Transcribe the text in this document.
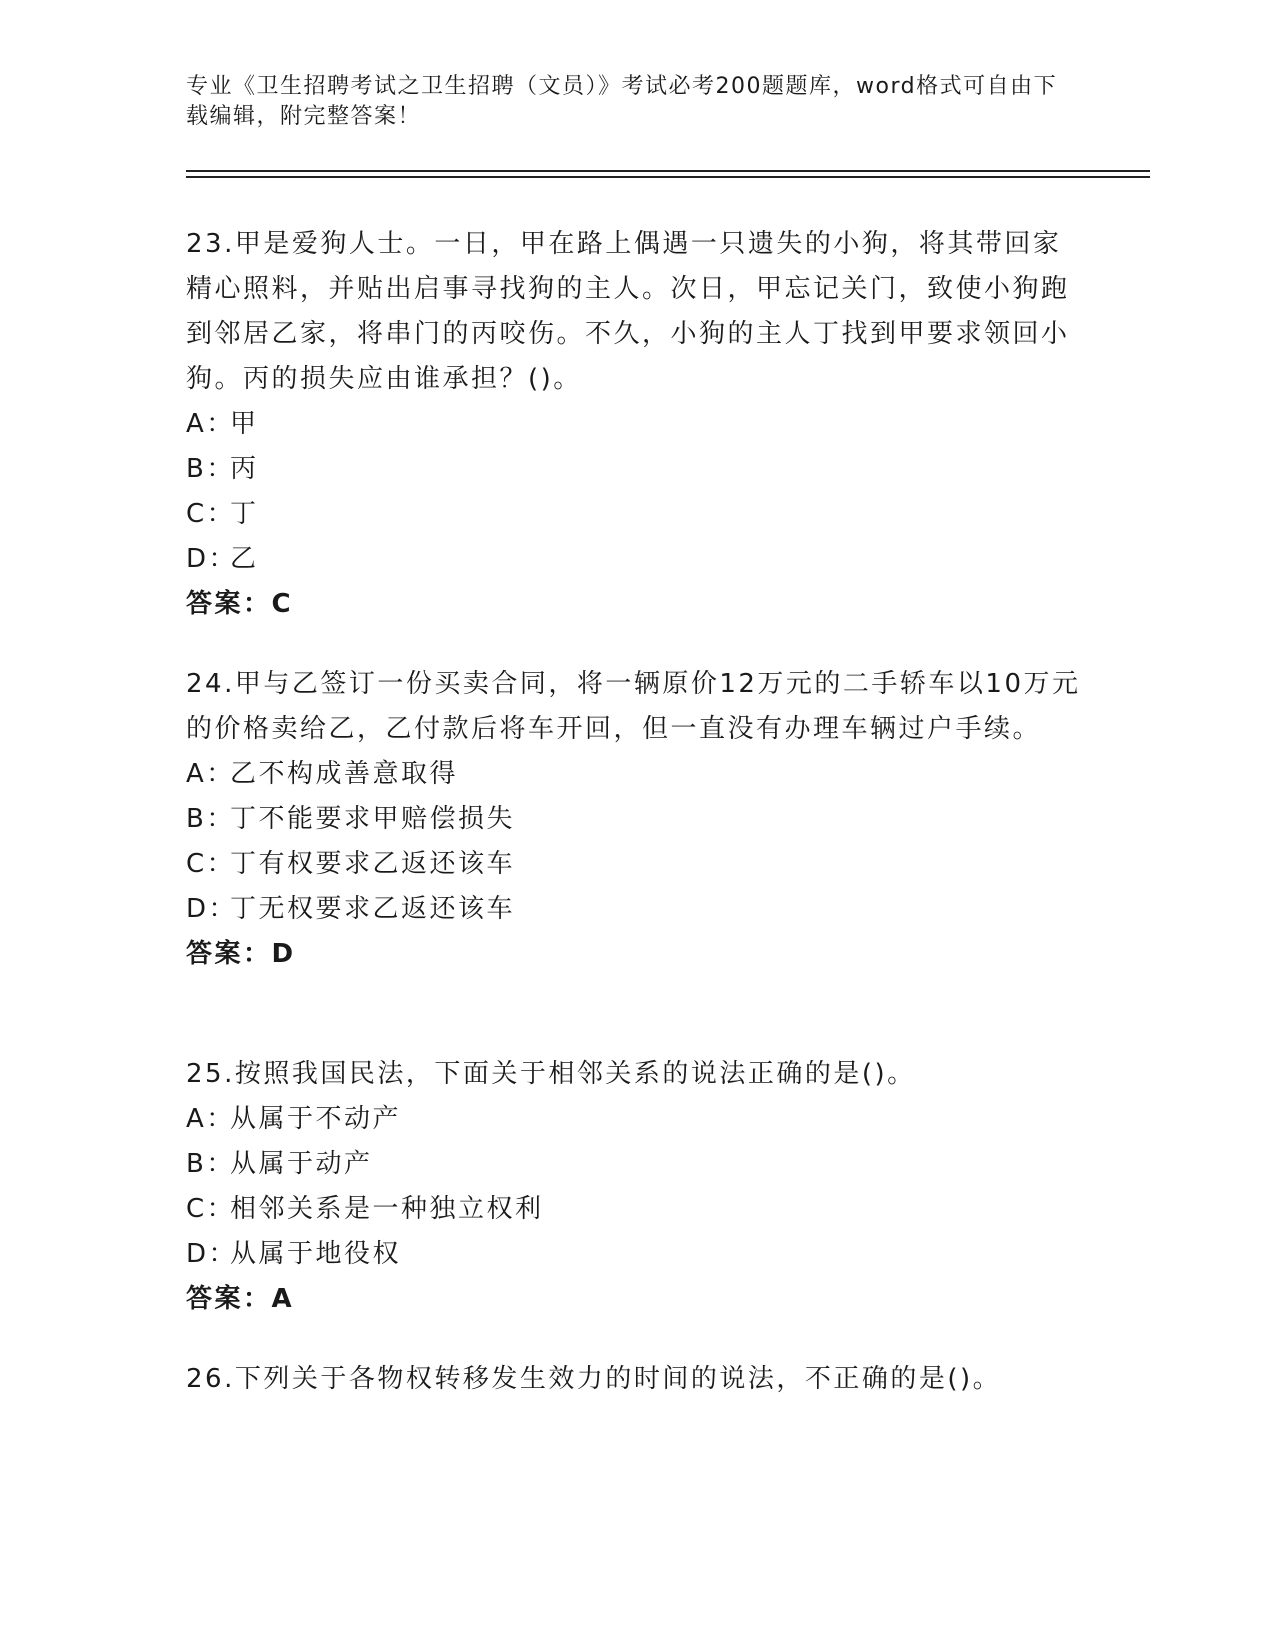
专业《卫生招聘考试之卫生招聘（文员）》考试必考200题题库，word格式可自由下载编辑，附完整答案！

23.甲是爱狗人士。一日，甲在路上偶遇一只遗失的小狗，将其带回家精心照料，并贴出启事寻找狗的主人。次日，甲忘记关门，致使小狗跑到邻居乙家，将串门的丙咬伤。不久，小狗的主人丁找到甲要求领回小狗。丙的损失应由谁承担？()。

A：甲
B：丙
C：丁
D：乙
答案：C

24.甲与乙签订一份买卖合同，将一辆原价12万元的二手轿车以10万元的价格卖给乙，乙付款后将车开回，但一直没有办理车辆过户手续。

A：乙不构成善意取得
B：丁不能要求甲赔偿损失
C：丁有权要求乙返还该车
D：丁无权要求乙返还该车
答案：D

25.按照我国民法，下面关于相邻关系的说法正确的是()。

A：从属于不动产
B：从属于动产
C：相邻关系是一种独立权利
D：从属于地役权
答案：A

26.下列关于各物权转移发生效力的时间的说法，不正确的是()。
